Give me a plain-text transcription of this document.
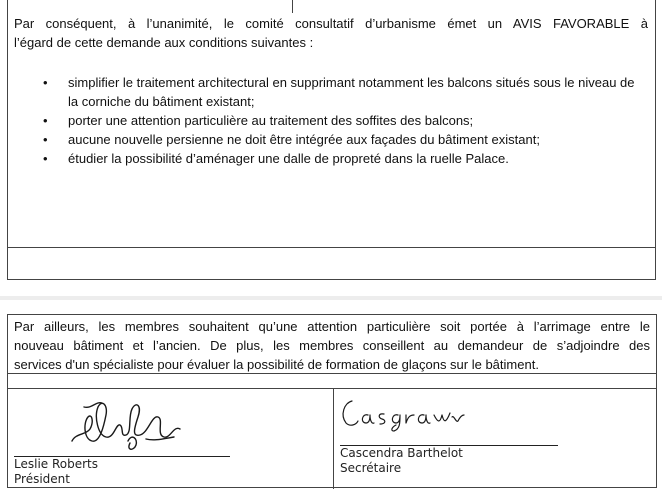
Par conséquent, à l’unanimité, le comité consultatif d’urbanisme émet un AVIS FAVORABLE à
l’égard de cette demande aux conditions suivantes :

• simplifier le traitement architectural en supprimant notamment les balcons situés sous le niveau de la corniche du bâtiment existant;
• porter une attention particulière au traitement des soffites des balcons;
• aucune nouvelle persienne ne doit être intégrée aux façades du bâtiment existant;
• étudier la possibilité d’aménager une dalle de propreté dans la ruelle Palace.

Par ailleurs, les membres souhaitent qu’une attention particulière soit portée à l’arrimage entre le
nouveau bâtiment et l’ancien. De plus, les membres conseillent au demandeur de s’adjoindre des
services d'un spécialiste pour évaluer la possibilité de formation de glaçons sur le bâtiment.

Leslie Roberts
Président
Cascendra Barthelot
Secrétaire
